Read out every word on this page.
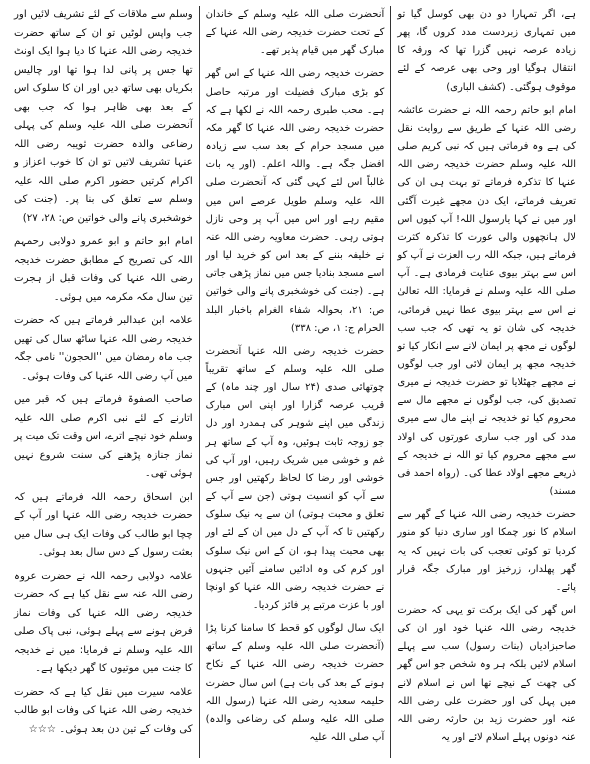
ہے، اگر تمہارا دو دن بھی کوسل گیا تو میں تمہاری زبردست مدد کروں گا، پھر زیادہ عرصہ نہیں گزرا تھا کہ ورقہ کا انتقال ہوگیا اور وحی بھی عرصہ کے لئے موقوف ہوگئی۔ (کشف الباری)

امام ابو حاتم رحمہ اللہ نے حضرت عائشہ رضی اللہ عنہا کے طریق سے روایت نقل کی ہے وہ فرماتی ہیں کہ نبی کریم صلی اللہ علیہ وسلم حضرت خدیجہ رضی اللہ عنہا کا تذکرہ فرماتے تو بہت ہی ان کی تعریف فرماتے، ایک دن مجھے غیرت آگئی اور میں نے کہا یارسول اللہ! آپ کیوں اس لال ہانچھوں والی عورت کا تذکرہ کثرت فرماتے ہیں، جبکہ اللہ رب العزت نے آپ کو اس سے بہتر بیوی عنایت فرمادی ہے۔ آپ صلی اللہ علیہ وسلم نے فرمایا: اللہ تعالیٰ نے اس سے بہتر بیوی عطا نہیں فرمائی، خدیجہ کی شان تو یہ تھی کہ جب سب لوگوں نے مجھ پر ایمان لانے سے انکار کیا تو خدیجہ مجھ پر ایمان لائی اور جب لوگوں نے مجھے جھٹلایا تو حضرت خدیجہ نے میری تصدیق کی، جب لوگوں نے مجھے مال سے محروم کیا تو خدیجہ نے اپنے مال سے میری مدد کی اور جب ساری عورتوں کی اولاد سے مجھے محروم کیا تو اللہ نے خدیجہ کے ذریعے مجھے اولاد عطا کی۔ (رواہ احمد فی مسند)

حضرت خدیجہ رضی اللہ عنہا کے گھر سے اسلام کا نور چمکا اور ساری دنیا کو منور کردیا تو کوئی تعجب کی بات نہیں کہ یہ گھر پھلدار، زرخیز اور مبارک جگہ قرار پائے۔

اس گھر کی ایک برکت تو یہی کہ حضرت خدیجہ رضی اللہ عنہا خود اور ان کی صاحبزادیاں (بنات رسول) سب سے پہلے اسلام لائیں بلکہ ہر وہ شخص جو اس گھر کی چھت کے نیچے تھا اس نے اسلام لانے میں پہل کی اور حضرت علی رضی اللہ عنہ اور حضرت زید بن حارثہ رضی اللہ عنہ دونوں پہلے اسلام لائے اور یہ

آنحضرت صلی اللہ علیہ وسلم کے خاندان کے تحت حضرت خدیجہ رضی اللہ عنہا کے مبارک گھر میں قیام پذیر تھے۔

حضرت خدیجہ رضی اللہ عنہا کے اس گھر کو بڑی مبارک فضیلت اور مرتبہ حاصل ہے۔ محب طبری رحمہ اللہ نے لکھا ہے کہ حضرت خدیجہ رضی اللہ عنہا کا گھر مکہ میں مسجد حرام کے بعد سب سے زیادہ افضل جگہ ہے۔ واللہ اعلم۔ (اور یہ بات غالباً اس لئے کہی گئی کہ آنحضرت صلی اللہ علیہ وسلم طویل عرصے اس میں مقیم رہے اور اس میں آپ پر وحی نازل ہوتی رہی۔ حضرت معاویہ رضی اللہ عنہ نے خلیفہ بننے کے بعد اس کو خرید لیا اور اسے مسجد بنادیا جس میں نماز پڑھی جاتی ہے۔ (جنت کی خوشخبری پانے والی خواتین ص: ۲۱، بحوالہ شفاء الغرام باخبار البلد الحرام ج: ۱، ص: ۳۳۸)

حضرت خدیجہ رضی اللہ عنہا آنحضرت صلی اللہ علیہ وسلم کے ساتھ تقریباً چوتھائی صدی (۲۴ سال اور چند ماہ) کے قریب عرصہ گزارا اور اپنی اس مبارک زندگی میں اپنے شوہر کی ہمدرد اور دل جو زوجہ ثابت ہوئیں، وہ آپ کے ساتھ ہر غم و خوشی میں شریک رہیں، اور آپ کی خوشی اور رضا کا لحاظ رکھتیں اور جس سے آپ کو انسیت ہوتی (جن سے آپ کے تعلق و محبت ہوتی) ان سے یہ نیک سلوک رکھتیں تا کہ آپ کے دل میں ان کے لئے اور بھی محبت پیدا ہو، ان کے اس نیک سلوک اور کرم کی وہ ادائیں سامنے آئیں جنہوں نے حضرت خدیجہ رضی اللہ عنہا کو اونچا اور با عزت مرتبے پر فائز کردیا۔

ایک سال لوگوں کو قحط کا سامنا کرنا پڑا (آنحضرت صلی اللہ علیہ وسلم کے ساتھ حضرت خدیجہ رضی اللہ عنہا کے نکاح ہونے کے بعد کی بات ہے) اس سال حضرت حلیمہ سعدیہ رضی اللہ عنہا (رسول اللہ صلی اللہ علیہ وسلم کی رضاعی والدہ) آپ صلی اللہ علیہ

وسلم سے ملاقات کے لئے تشریف لائیں اور جب واپس لوٹیں تو ان کے ساتھ حضرت خدیجہ رضی اللہ عنہا کا دیا ہوا ایک اونٹ تھا جس پر پانی لدا ہوا تھا اور چالیس بکریاں بھی ساتھ دیں اور ان کا سلوک اس کے بعد بھی ظاہر ہوا کہ جب بھی آنحضرت صلی اللہ علیہ وسلم کی پہلی رضاعی والدہ حضرت ثویبہ رضی اللہ عنہا تشریف لاتیں تو ان کا خوب اعزاز و اکرام کرتیں حضور اکرم صلی اللہ علیہ وسلم سے تعلق کی بنا پر۔ (جنت کی خوشخبری پانے والی خواتین ص: ۲۸، ۲۷)

امام ابو حاتم و ابو عمرو دولابی رحمہم اللہ کی تصریح کے مطابق حضرت خدیجہ رضی اللہ عنہا کی وفات قبل از ہجرت تین سال مکہ مکرمہ میں ہوئی۔

علامہ ابن عبدالبر فرماتے ہیں کہ حضرت خدیجہ رضی اللہ عنہا ساٹھ سال کی تھیں جب ماہ رمضان میں ''الحجون'' نامی جگہ میں آپ رضی اللہ عنہا کی وفات ہوئی۔

صاحب الصفوۃ فرماتے ہیں کہ قبر میں اتارنے کے لئے نبی اکرم صلی اللہ علیہ وسلم خود نیچے اترے، اس وقت تک میت پر نماز جنازہ پڑھنے کی سنت شروع نہیں ہوئی تھی۔

ابن اسحاق رحمہ اللہ فرماتے ہیں کہ حضرت خدیجہ رضی اللہ عنہا اور آپ کے چچا ابو طالب کی وفات ایک ہی سال میں بعثت رسول کے دس سال بعد ہوئی۔

علامہ دولابی رحمہ اللہ نے حضرت عروہ رضی اللہ عنہ سے نقل کیا ہے کہ حضرت خدیجہ رضی اللہ عنہا کی وفات نماز فرض ہونے سے پہلے ہوئی، نبی پاک صلی اللہ علیہ وسلم نے فرمایا: میں نے خدیجہ کا جنت میں موتیوں کا گھر دیکھا ہے۔

علامہ سیرت میں نقل کیا ہے کہ حضرت خدیجہ رضی اللہ عنہا کی وفات ابو طالب کی وفات کے تین دن بعد ہوئی۔ ☆☆☆
